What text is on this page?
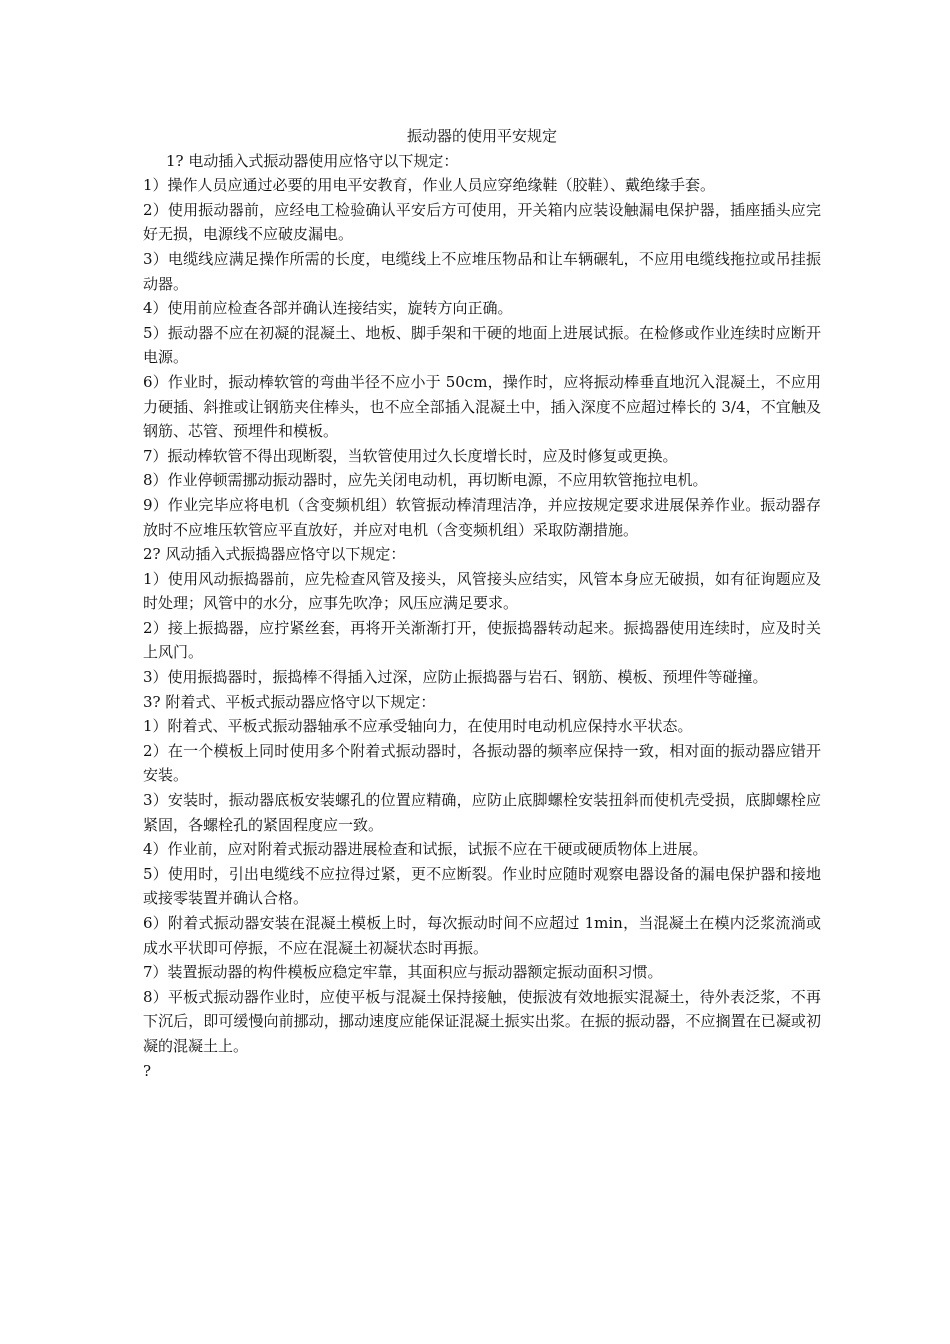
振动器的使用平安规定

1? 电动插入式振动器使用应恪守以下规定：

1）操作人员应通过必要的用电平安教育，作业人员应穿绝缘鞋（胶鞋）、戴绝缘手套。

2）使用振动器前，应经电工检验确认平安后方可使用，开关箱内应装设触漏电保护器，插座插头应完好无损，电源线不应破皮漏电。

3）电缆线应满足操作所需的长度，电缆线上不应堆压物品和让车辆碾轧，不应用电缆线拖拉或吊挂振动器。

4）使用前应检查各部并确认连接结实，旋转方向正确。

5）振动器不应在初凝的混凝土、地板、脚手架和干硬的地面上进展试振。在检修或作业连续时应断开电源。

6）作业时，振动棒软管的弯曲半径不应小于 50cm，操作时，应将振动棒垂直地沉入混凝土，不应用力硬插、斜推或让钢筋夹住棒头，也不应全部插入混凝土中，插入深度不应超过棒长的 3/4，不宜触及钢筋、芯管、预埋件和模板。

7）振动棒软管不得出现断裂，当软管使用过久长度增长时，应及时修复或更换。

8）作业停顿需挪动振动器时，应先关闭电动机，再切断电源，不应用软管拖拉电机。

9）作业完毕应将电机（含变频机组）软管振动棒清理洁净，并应按规定要求进展保养作业。振动器存放时不应堆压软管应平直放好，并应对电机（含变频机组）采取防潮措施。

2? 风动插入式振捣器应恪守以下规定：

1）使用风动振捣器前，应先检查风管及接头，风管接头应结实，风管本身应无破损，如有征询题应及时处理；风管中的水分，应事先吹净；风压应满足要求。

2）接上振捣器，应拧紧丝套，再将开关渐渐打开，使振捣器转动起来。振捣器使用连续时，应及时关上风门。

3）使用振捣器时，振捣棒不得插入过深，应防止振捣器与岩石、钢筋、模板、预埋件等碰撞。

3? 附着式、平板式振动器应恪守以下规定：

1）附着式、平板式振动器轴承不应承受轴向力，在使用时电动机应保持水平状态。

2）在一个模板上同时使用多个附着式振动器时，各振动器的频率应保持一致，相对面的振动器应错开安装。

3）安装时，振动器底板安装螺孔的位置应精确，应防止底脚螺栓安装扭斜而使机壳受损，底脚螺栓应紧固，各螺栓孔的紧固程度应一致。

4）作业前，应对附着式振动器进展检查和试振，试振不应在干硬或硬质物体上进展。

5）使用时，引出电缆线不应拉得过紧，更不应断裂。作业时应随时观察电器设备的漏电保护器和接地或接零装置并确认合格。

6）附着式振动器安装在混凝土模板上时，每次振动时间不应超过 1min，当混凝土在模内泛浆流淌或成水平状即可停振，不应在混凝土初凝状态时再振。

7）装置振动器的构件模板应稳定牢靠，其面积应与振动器额定振动面积习惯。

8）平板式振动器作业时，应使平板与混凝土保持接触，使振波有效地振实混凝土，待外表泛浆，不再下沉后，即可缓慢向前挪动，挪动速度应能保证混凝土振实出浆。在振的振动器，不应搁置在已凝或初凝的混凝土上。

?
